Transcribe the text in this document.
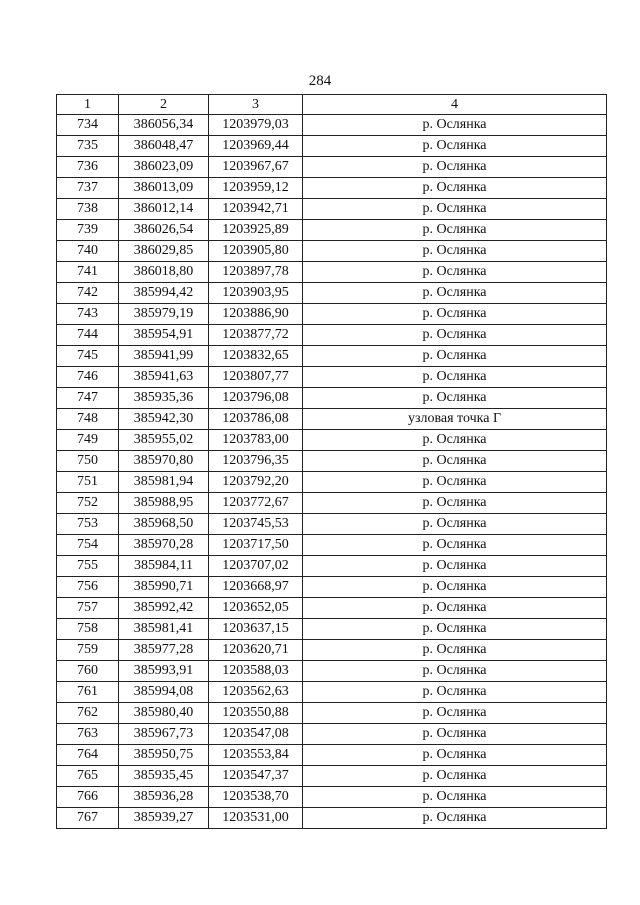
284
1	2	3	4
734	386056,34	1203979,03	р. Ослянка
735	386048,47	1203969,44	р. Ослянка
736	386023,09	1203967,67	р. Ослянка
737	386013,09	1203959,12	р. Ослянка
738	386012,14	1203942,71	р. Ослянка
739	386026,54	1203925,89	р. Ослянка
740	386029,85	1203905,80	р. Ослянка
741	386018,80	1203897,78	р. Ослянка
742	385994,42	1203903,95	р. Ослянка
743	385979,19	1203886,90	р. Ослянка
744	385954,91	1203877,72	р. Ослянка
745	385941,99	1203832,65	р. Ослянка
746	385941,63	1203807,77	р. Ослянка
747	385935,36	1203796,08	р. Ослянка
748	385942,30	1203786,08	узловая точка Г
749	385955,02	1203783,00	р. Ослянка
750	385970,80	1203796,35	р. Ослянка
751	385981,94	1203792,20	р. Ослянка
752	385988,95	1203772,67	р. Ослянка
753	385968,50	1203745,53	р. Ослянка
754	385970,28	1203717,50	р. Ослянка
755	385984,11	1203707,02	р. Ослянка
756	385990,71	1203668,97	р. Ослянка
757	385992,42	1203652,05	р. Ослянка
758	385981,41	1203637,15	р. Ослянка
759	385977,28	1203620,71	р. Ослянка
760	385993,91	1203588,03	р. Ослянка
761	385994,08	1203562,63	р. Ослянка
762	385980,40	1203550,88	р. Ослянка
763	385967,73	1203547,08	р. Ослянка
764	385950,75	1203553,84	р. Ослянка
765	385935,45	1203547,37	р. Ослянка
766	385936,28	1203538,70	р. Ослянка
767	385939,27	1203531,00	р. Ослянка
